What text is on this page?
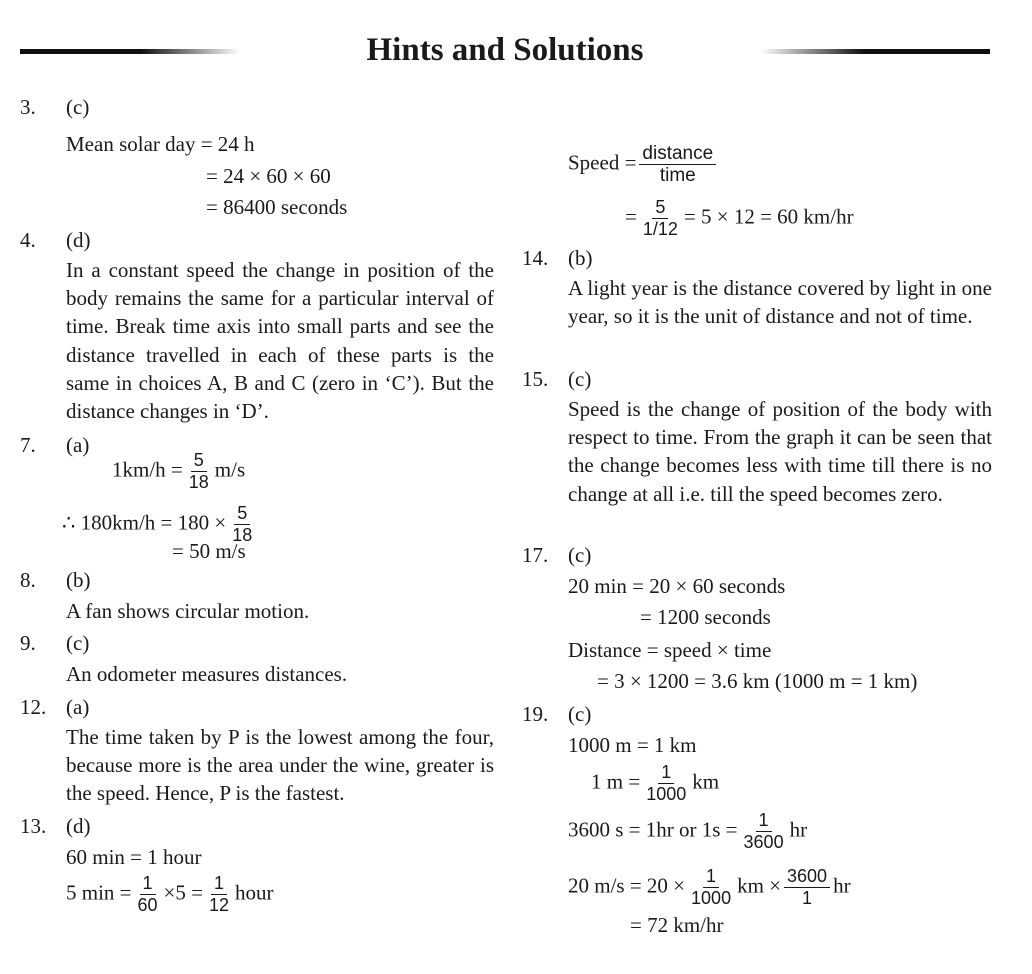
Hints and Solutions
3. (c)
Mean solar day = 24 h
= 24 × 60 × 60
= 86400 seconds
4. (d)
In a constant speed the change in position of the body remains the same for a particular interval of time. Break time axis into small parts and see the distance travelled in each of these parts is the same in choices A, B and C (zero in ‘C’). But the distance changes in ‘D’.
7. (a)
$1km/h = \frac{5}{18} m/s$
∴ $180km/h = 180 \times \frac{5}{18}$
= 50 m/s
8. (b)
A fan shows circular motion.
9. (c)
An odometer measures distances.
12. (a)
The time taken by P is the lowest among the four, because more is the area under the wine, greater is the speed. Hence, P is the fastest.
13. (d)
60 min = 1 hour
5 $\min = \frac{1}{60} \times 5 = \frac{1}{12}$ hour
Speed = $\frac{\text{distance}}{\text{time}}$
= $\frac{5}{1/12} = 5 \times 12 = 60$ km/hr
14. (b)
A light year is the distance covered by light in one year, so it is the unit of distance and not of time.
15. (c)
Speed is the change of position of the body with respect to time. From the graph it can be seen that the change becomes less with time till there is no change at all i.e. till the speed becomes zero.
17. (c)
20 min = 20 × 60 seconds
= 1200 seconds
Distance = speed × time
= 3 × 1200 = 3.6 km (1000 m = 1 km)
19. (c)
1000 m = 1 km
1 $m = \frac{1}{1000}$ km
3600 s = 1hr or $1s = \frac{1}{3600}$ hr
20 $m/s = 20 \times \frac{1}{1000}$ km × $\frac{3600}{1}$ hr
= 72 km/hr
